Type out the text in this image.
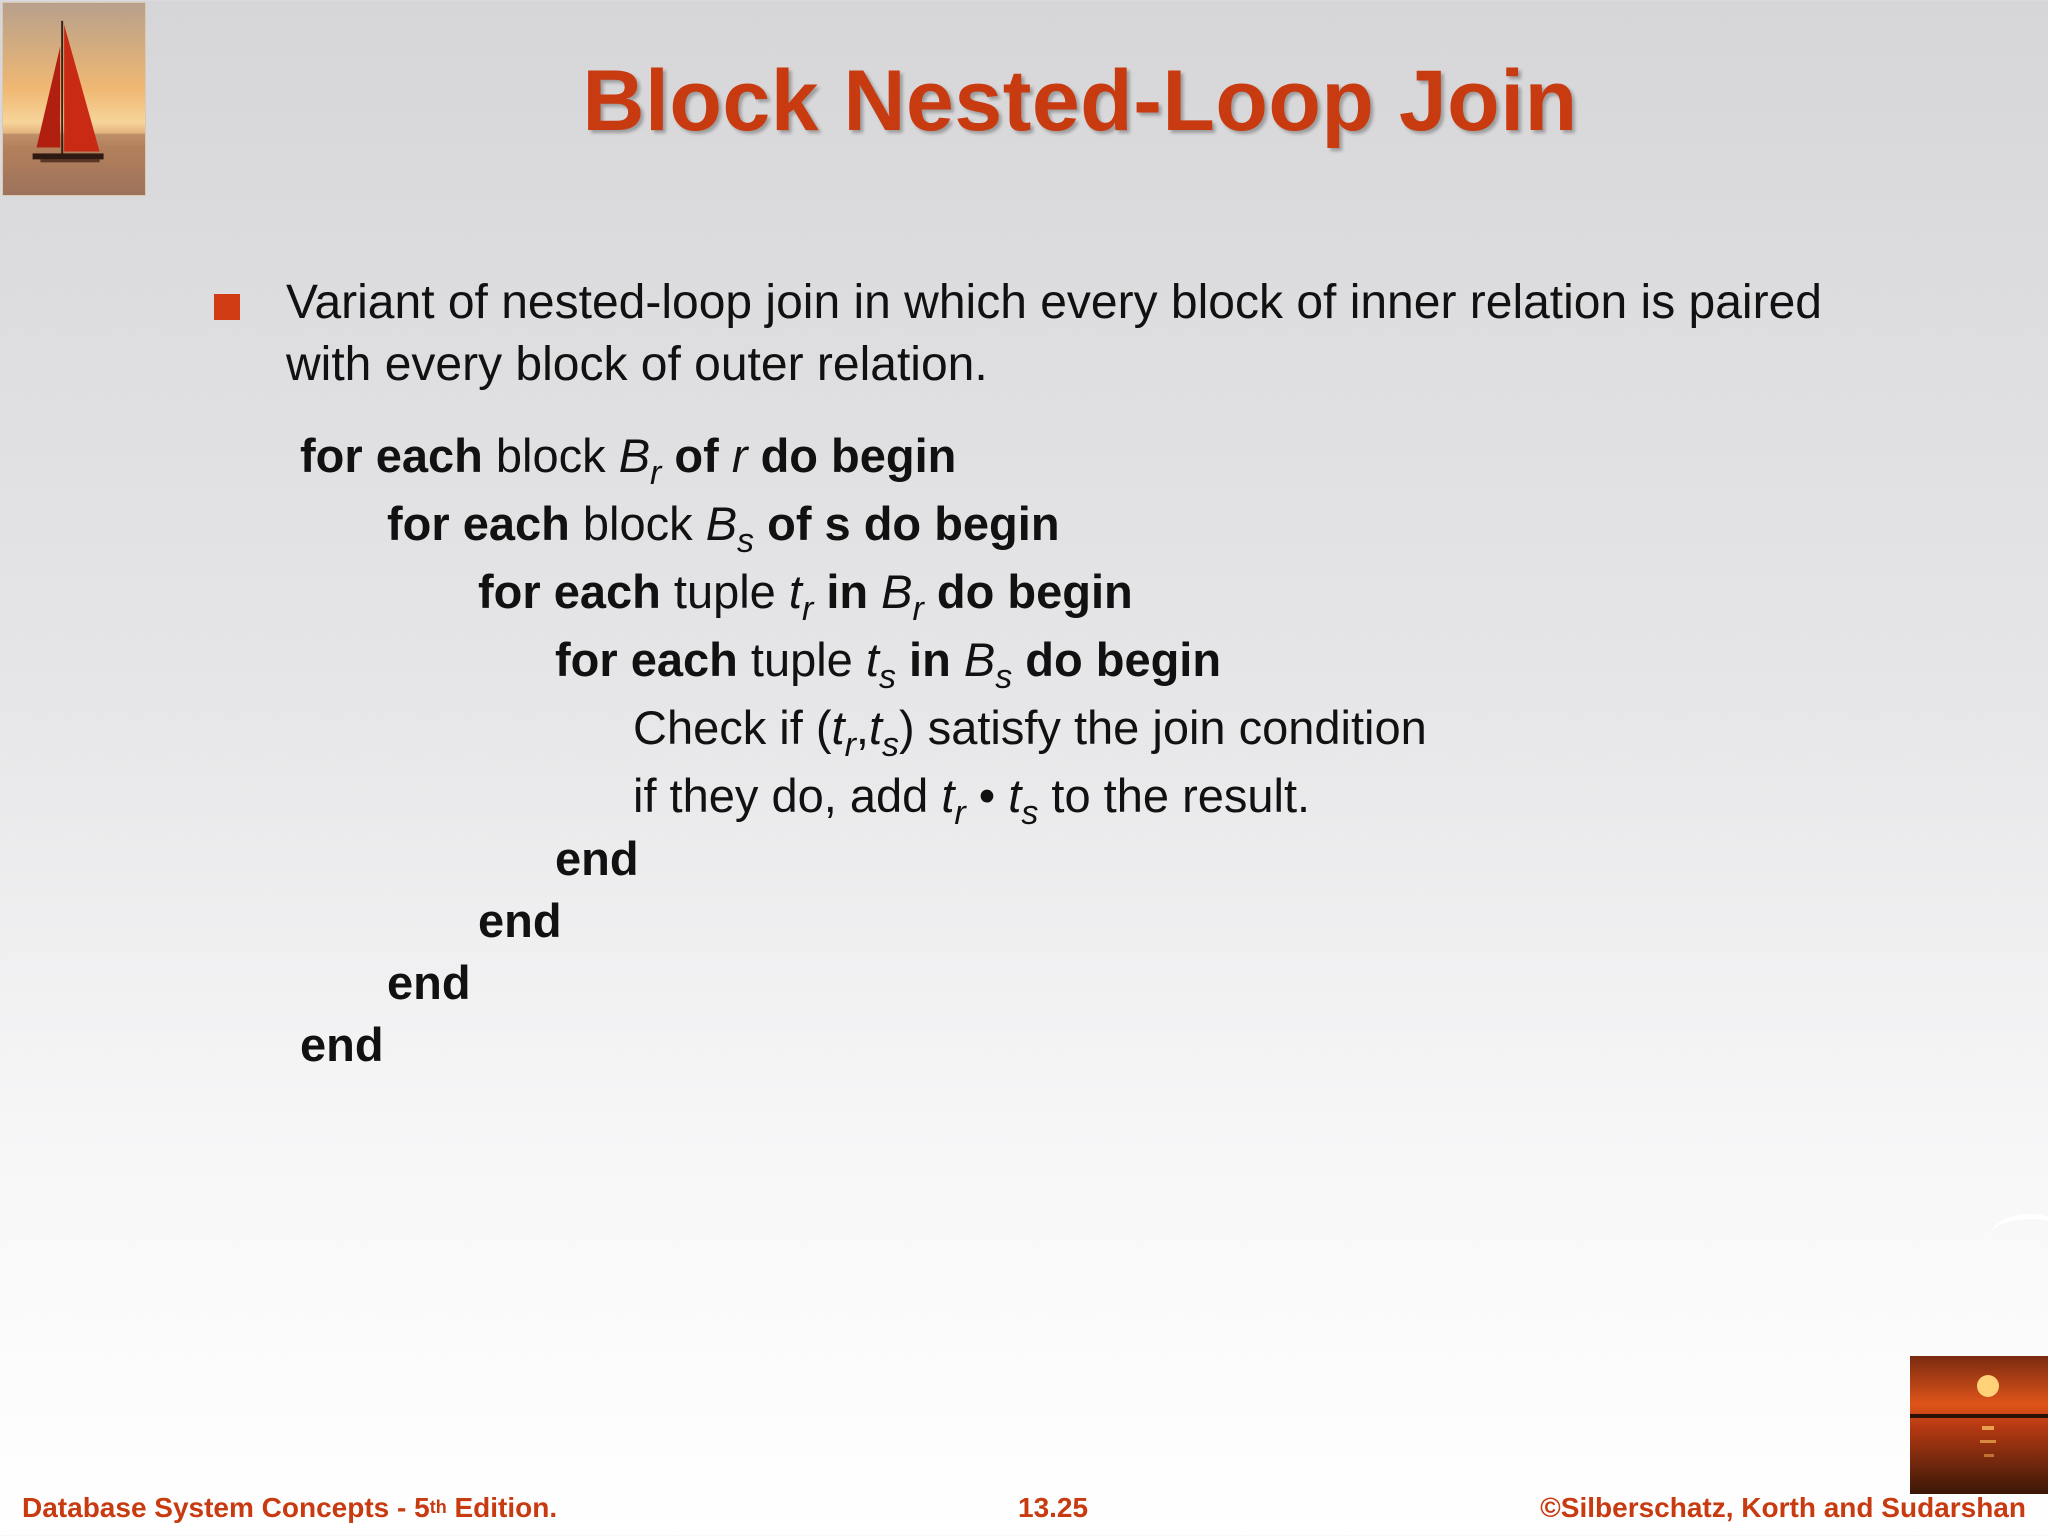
Block Nested-Loop Join
Variant of nested-loop join in which every block of inner relation is paired with every block of outer relation.
for each block $B_r$ of r do begin
for each block $B_s$ of s do begin
for each tuple $t_r$ in $B_r$ do begin
for each tuple $t_s$ in $B_s$ do begin
Check if $(t_r,t_s)$ satisfy the join condition
if they do, add $t_r$ • $t_s$ to the result.
end
end
end
end
Database System Concepts - 5th Edition.	13.25	©Silberschatz, Korth and Sudarshan
